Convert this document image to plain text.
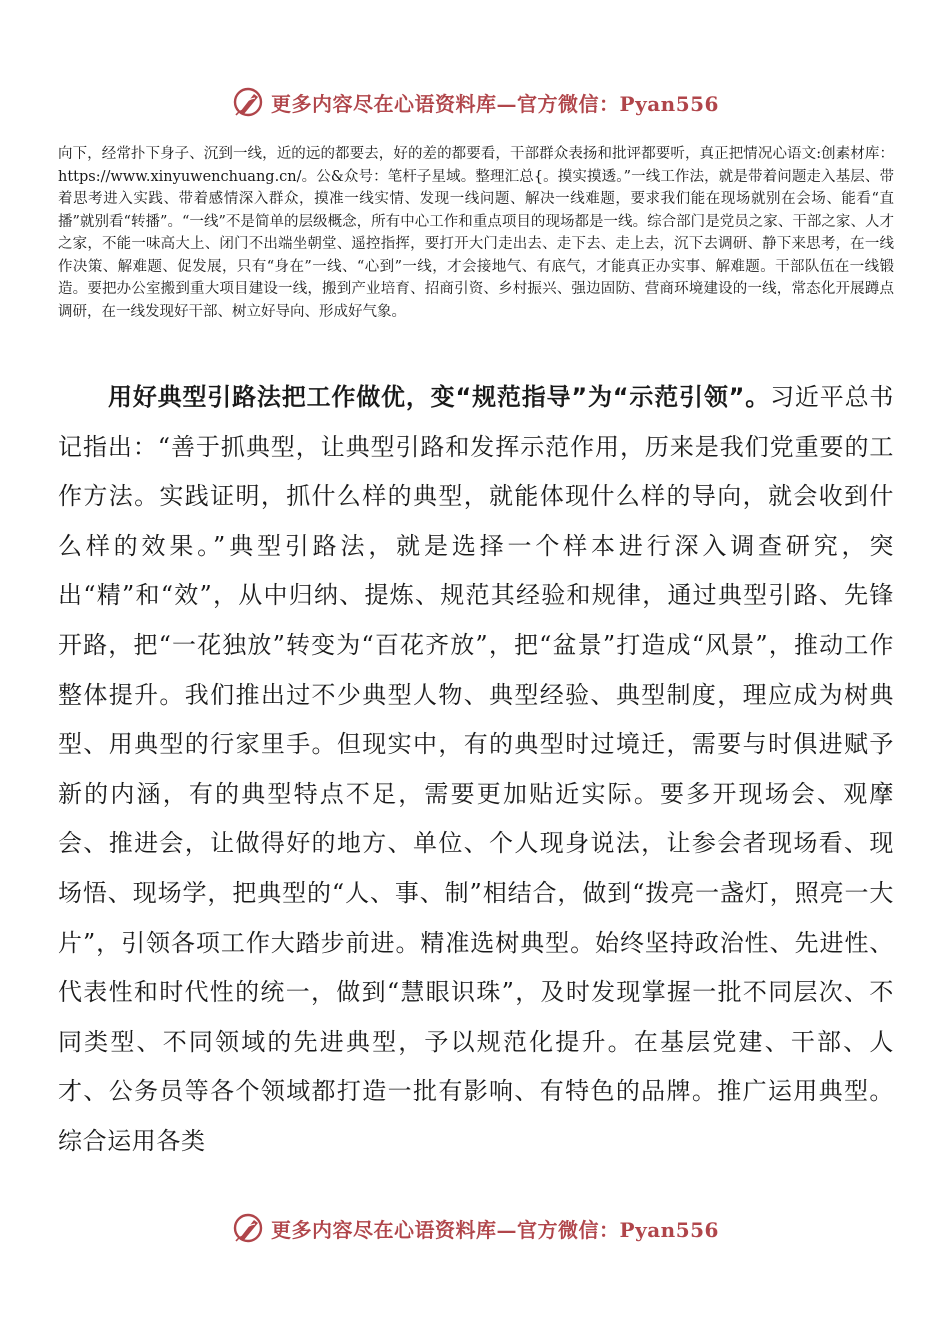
更多内容尽在心语资料库—官方微信：Pyan556

向下，经常扑下身子、沉到一线，近的远的都要去，好的差的都要看，干部群众表扬和批评都要听，真正把情况心语文:创素材库：https://www.xinyuwenchuang.cn/。公&众号：笔杆子星域。整理汇总{。摸实摸透。”一线工作法，就是带着问题走入基层、带着思考进入实践、带着感情深入群众，摸准一线实情、发现一线问题、解决一线难题，要求我们能在现场就别在会场、能看“直播”就别看“转播”。“一线”不是简单的层级概念，所有中心工作和重点项目的现场都是一线。综合部门是党员之家、干部之家、人才之家，不能一味高大上、闭门不出端坐朝堂、遥控指挥，要打开大门走出去、走下去、走上去，沉下去调研、静下来思考，在一线作决策、解难题、促发展，只有“身在”一线、“心到”一线，才会接地气、有底气，才能真正办实事、解难题。干部队伍在一线锻造。要把办公室搬到重大项目建设一线，搬到产业培育、招商引资、乡村振兴、强边固防、营商环境建设的一线，常态化开展蹲点调研，在一线发现好干部、树立好导向、形成好气象。

用好典型引路法把工作做优，变“规范指导”为“示范引领”。习近平总书记指出：“善于抓典型，让典型引路和发挥示范作用，历来是我们党重要的工作方法。实践证明，抓什么样的典型，就能体现什么样的导向，就会收到什么样的效果。”典型引路法，就是选择一个样本进行深入调查研究，突出“精”和“效”，从中归纳、提炼、规范其经验和规律，通过典型引路、先锋开路，把“一花独放”转变为“百花齐放”，把“盆景”打造成“风景”，推动工作整体提升。我们推出过不少典型人物、典型经验、典型制度，理应成为树典型、用典型的行家里手。但现实中，有的典型时过境迁，需要与时俱进赋予新的内涵，有的典型特点不足，需要更加贴近实际。要多开现场会、观摩会、推进会，让做得好的地方、单位、个人现身说法，让参会者现场看、现场悟、现场学，把典型的“人、事、制”相结合，做到“拨亮一盏灯，照亮一大片”，引领各项工作大踏步前进。精准选树典型。始终坚持政治性、先进性、代表性和时代性的统一，做到“慧眼识珠”，及时发现掌握一批不同层次、不同类型、不同领域的先进典型，予以规范化提升。在基层党建、干部、人才、公务员等各个领域都打造一批有影响、有特色的品牌。推广运用典型。综合运用各类

更多内容尽在心语资料库—官方微信：Pyan556
